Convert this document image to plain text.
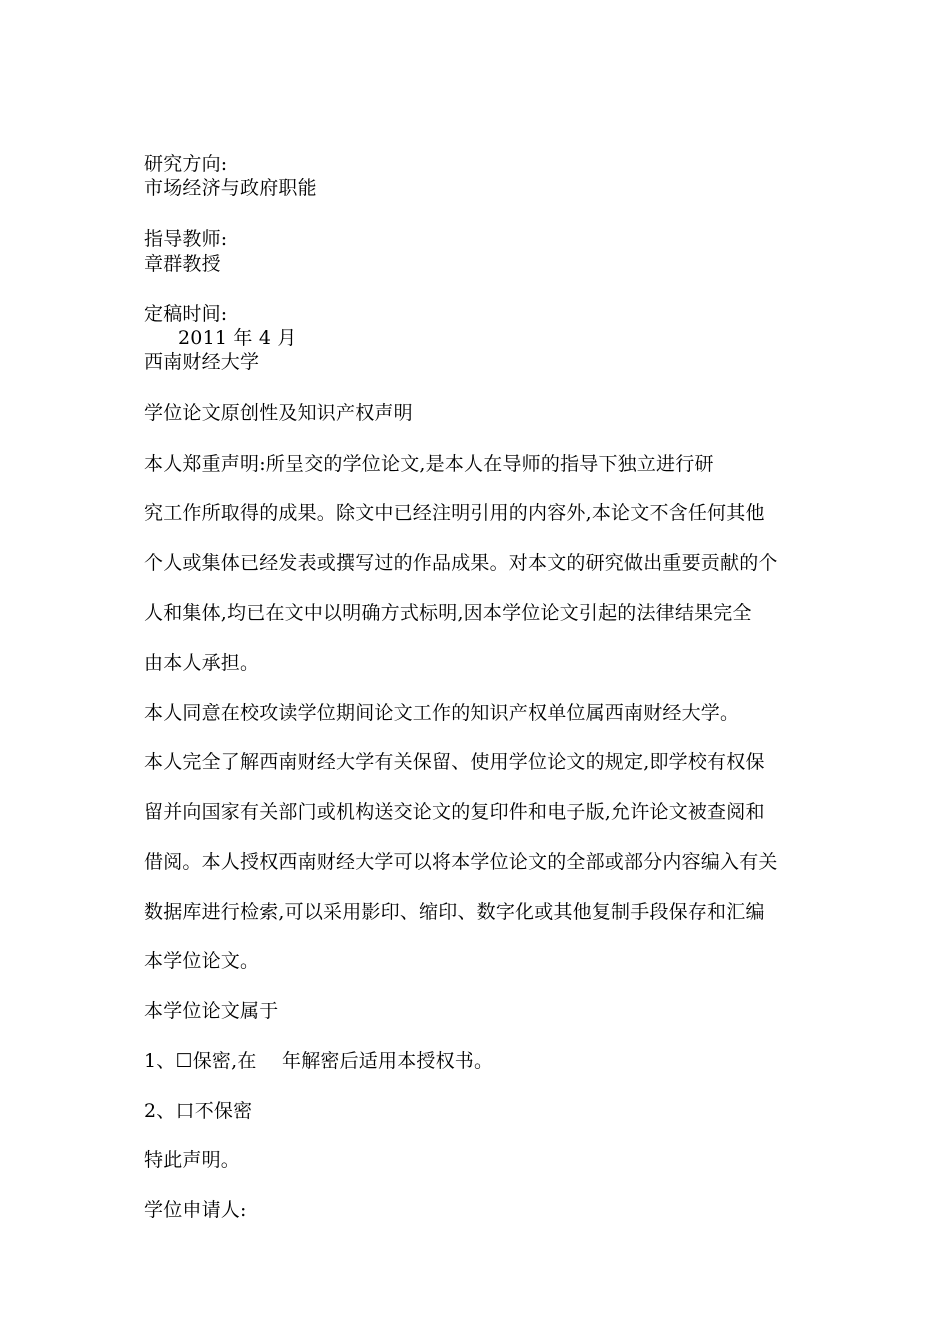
研究方向:
市场经济与政府职能
指导教师:
章群教授
定稿时间:
2011 年 4 月
西南财经大学
学位论文原创性及知识产权声明
本人郑重声明:所呈交的学位论文,是本人在导师的指导下独立进行研
究工作所取得的成果。除文中已经注明引用的内容外,本论文不含任何其他
个人或集体已经发表或撰写过的作品成果。对本文的研究做出重要贡献的个
人和集体,均已在文中以明确方式标明,因本学位论文引起的法律结果完全
由本人承担。
本人同意在校攻读学位期间论文工作的知识产权单位属西南财经大学。
本人完全了解西南财经大学有关保留、使用学位论文的规定,即学校有权保
留并向国家有关部门或机构送交论文的复印件和电子版,允许论文被查阅和
借阅。本人授权西南财经大学可以将本学位论文的全部或部分内容编入有关
数据库进行检索,可以采用影印、缩印、数字化或其他复制手段保存和汇编
本学位论文。
本学位论文属于
1、☐保密,在　 年解密后适用本授权书。
2、口不保密
特此声明。
学位申请人:
